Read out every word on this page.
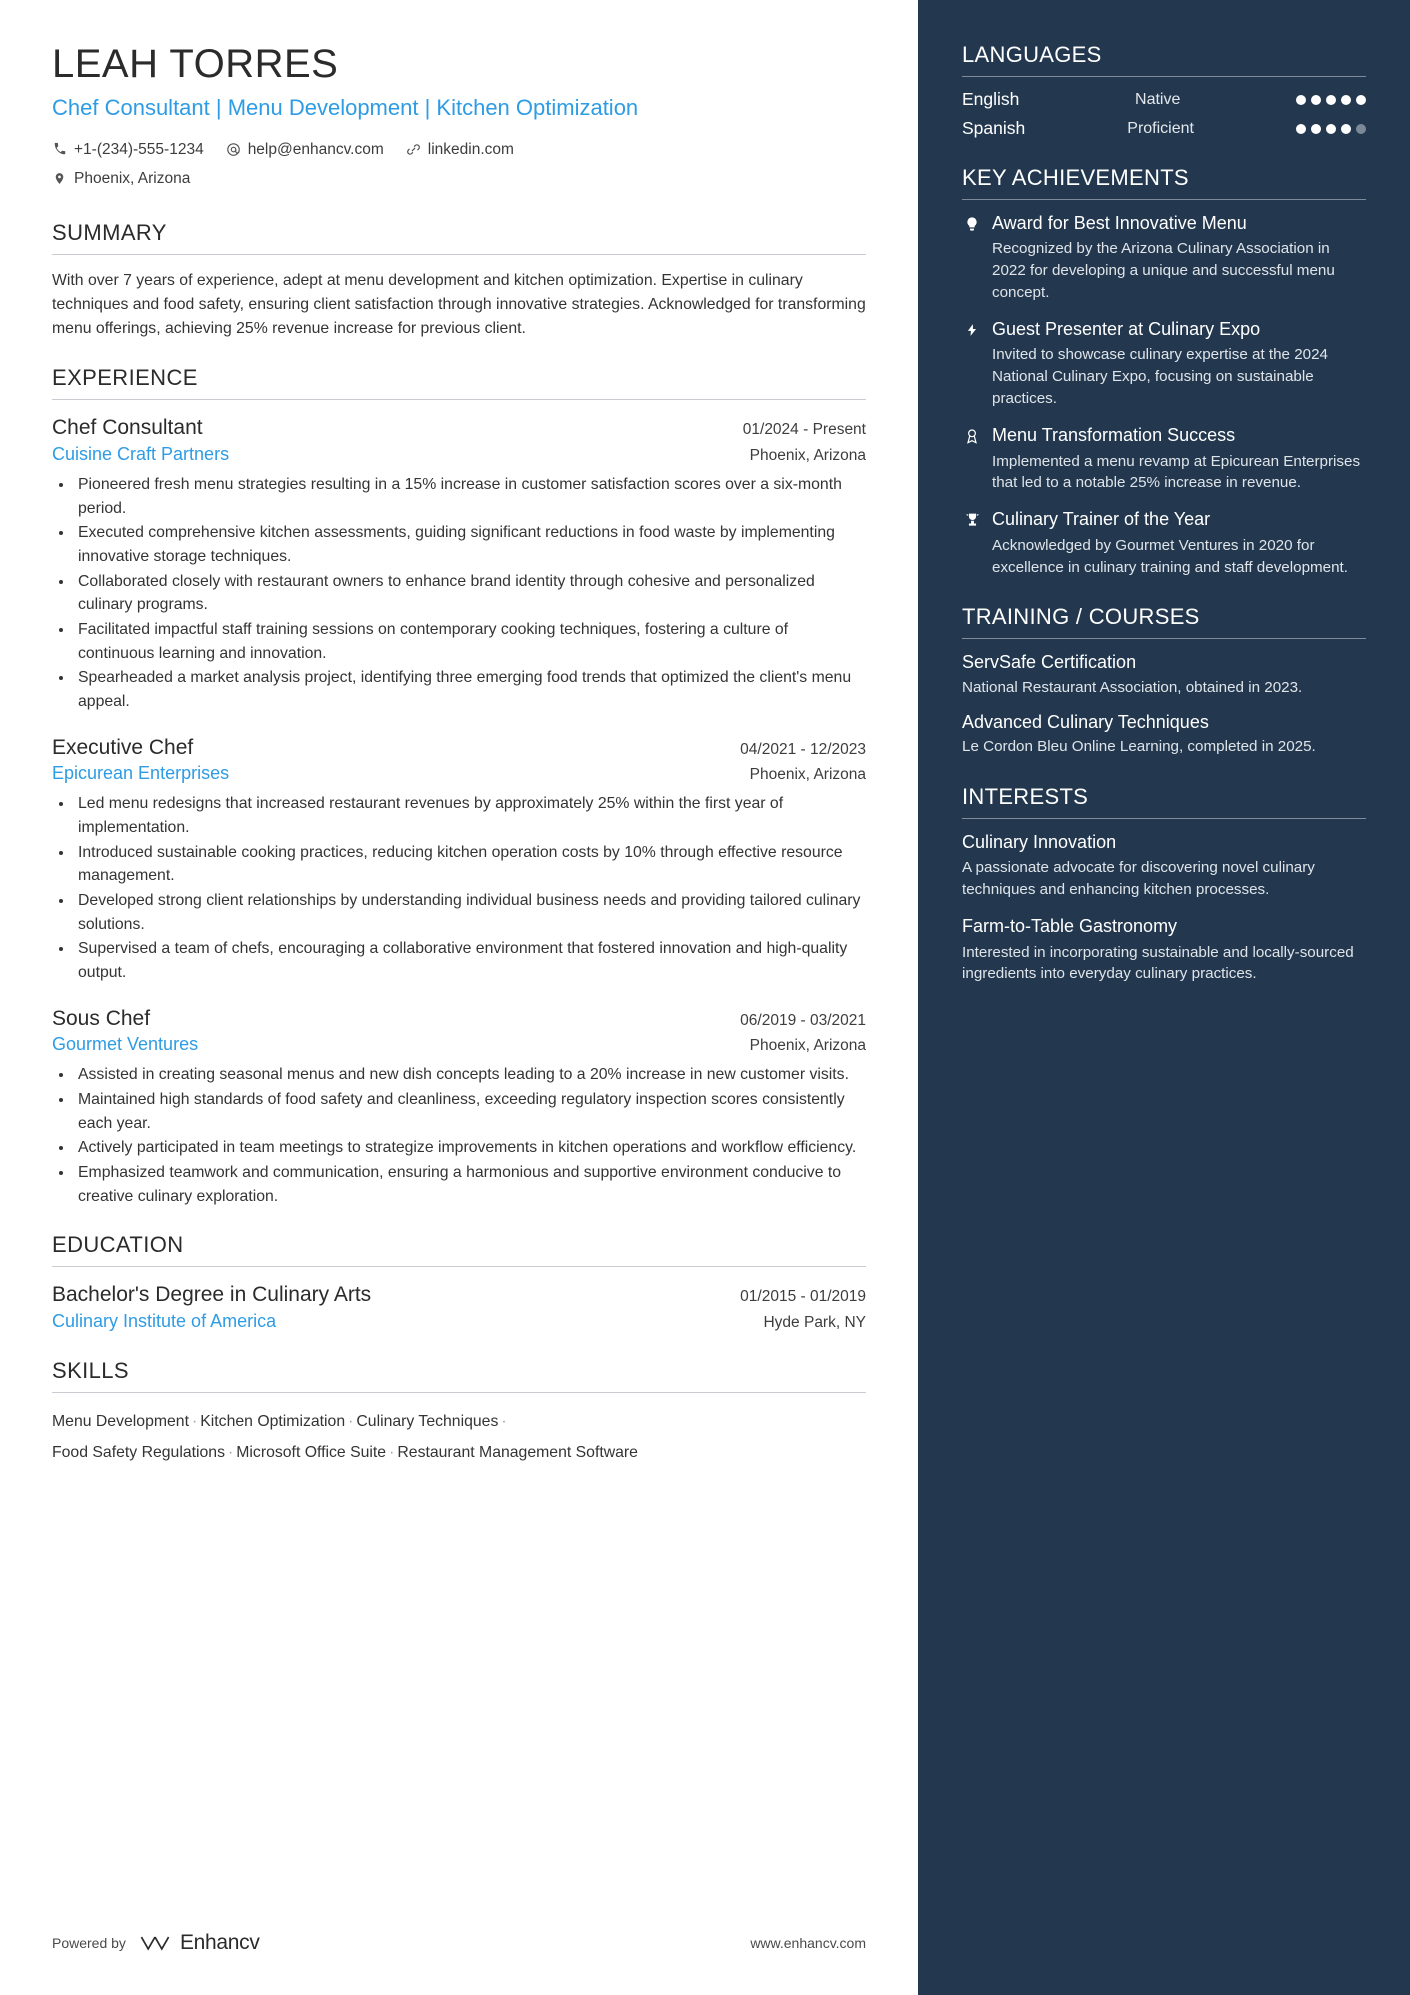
LEAH TORRES
Chef Consultant | Menu Development | Kitchen Optimization
+1-(234)-555-1234	help@enhancv.com	linkedin.com
Phoenix, Arizona
SUMMARY
With over 7 years of experience, adept at menu development and kitchen optimization. Expertise in culinary techniques and food safety, ensuring client satisfaction through innovative strategies. Acknowledged for transforming menu offerings, achieving 25% revenue increase for previous client.
EXPERIENCE
Chef Consultant	01/2024 - Present
Cuisine Craft Partners	Phoenix, Arizona
• Pioneered fresh menu strategies resulting in a 15% increase in customer satisfaction scores over a six-month period.
• Executed comprehensive kitchen assessments, guiding significant reductions in food waste by implementing innovative storage techniques.
• Collaborated closely with restaurant owners to enhance brand identity through cohesive and personalized culinary programs.
• Facilitated impactful staff training sessions on contemporary cooking techniques, fostering a culture of continuous learning and innovation.
• Spearheaded a market analysis project, identifying three emerging food trends that optimized the client's menu appeal.
Executive Chef	04/2021 - 12/2023
Epicurean Enterprises	Phoenix, Arizona
• Led menu redesigns that increased restaurant revenues by approximately 25% within the first year of implementation.
• Introduced sustainable cooking practices, reducing kitchen operation costs by 10% through effective resource management.
• Developed strong client relationships by understanding individual business needs and providing tailored culinary solutions.
• Supervised a team of chefs, encouraging a collaborative environment that fostered innovation and high-quality output.
Sous Chef	06/2019 - 03/2021
Gourmet Ventures	Phoenix, Arizona
• Assisted in creating seasonal menus and new dish concepts leading to a 20% increase in new customer visits.
• Maintained high standards of food safety and cleanliness, exceeding regulatory inspection scores consistently each year.
• Actively participated in team meetings to strategize improvements in kitchen operations and workflow efficiency.
• Emphasized teamwork and communication, ensuring a harmonious and supportive environment conducive to creative culinary exploration.
EDUCATION
Bachelor's Degree in Culinary Arts	01/2015 - 01/2019
Culinary Institute of America	Hyde Park, NY
SKILLS
Menu Development · Kitchen Optimization · Culinary Techniques ·
Food Safety Regulations · Microsoft Office Suite · Restaurant Management Software
Powered by	Enhancv	www.enhancv.com
LANGUAGES
English	Native
Spanish	Proficient
KEY ACHIEVEMENTS
Award for Best Innovative Menu
Recognized by the Arizona Culinary Association in 2022 for developing a unique and successful menu concept.
Guest Presenter at Culinary Expo
Invited to showcase culinary expertise at the 2024 National Culinary Expo, focusing on sustainable practices.
Menu Transformation Success
Implemented a menu revamp at Epicurean Enterprises that led to a notable 25% increase in revenue.
Culinary Trainer of the Year
Acknowledged by Gourmet Ventures in 2020 for excellence in culinary training and staff development.
TRAINING / COURSES
ServSafe Certification
National Restaurant Association, obtained in 2023.
Advanced Culinary Techniques
Le Cordon Bleu Online Learning, completed in 2025.
INTERESTS
Culinary Innovation
A passionate advocate for discovering novel culinary techniques and enhancing kitchen processes.
Farm-to-Table Gastronomy
Interested in incorporating sustainable and locally-sourced ingredients into everyday culinary practices.
